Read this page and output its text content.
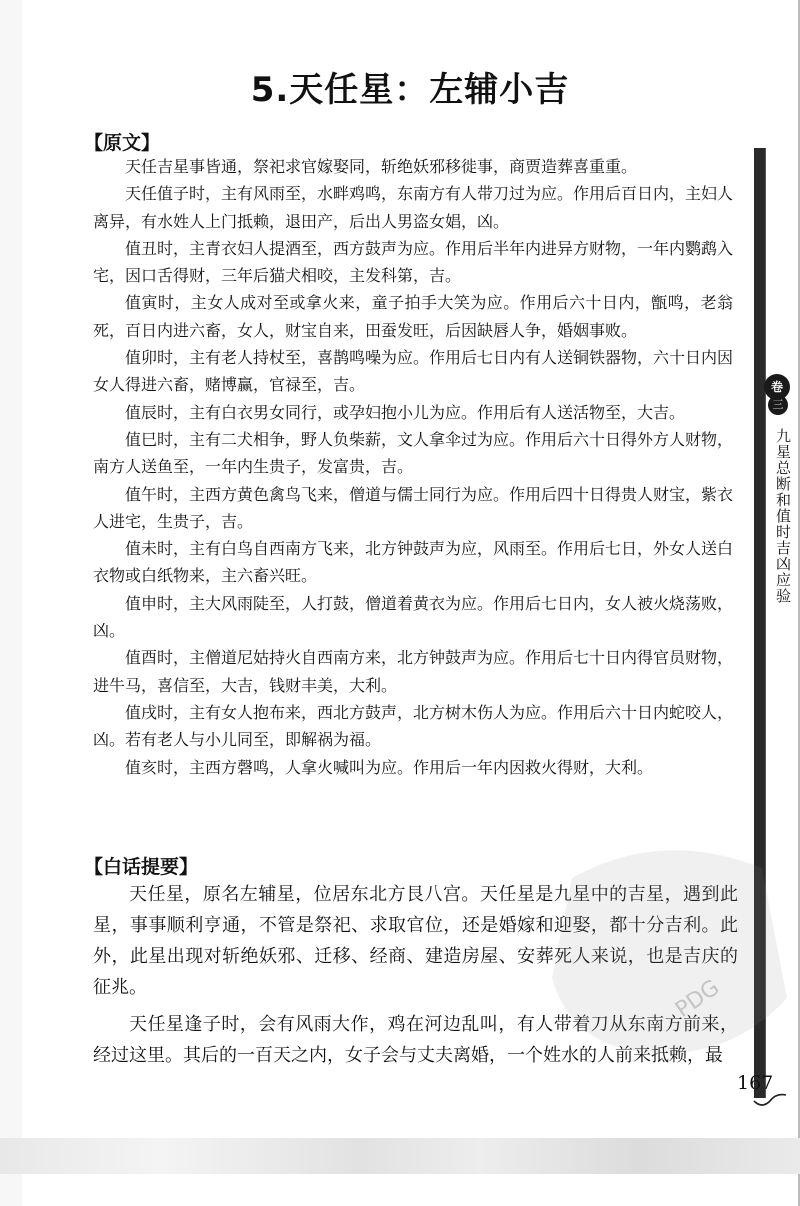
5.天任星：左辅小吉
【原文】

天任吉星事皆通，祭祀求官嫁娶同，斩绝妖邪移徙事，商贾造葬喜重重。

天任值子时，主有风雨至，水畔鸡鸣，东南方有人带刀过为应。作用后百日内，主妇人离异，有水姓人上门抵赖，退田产，后出人男盗女娼，凶。

值丑时，主青衣妇人提酒至，西方鼓声为应。作用后半年内进异方财物，一年内鹦鹉入宅，因口舌得财，三年后猫犬相咬，主发科第，吉。

值寅时，主女人成对至或拿火来，童子拍手大笑为应。作用后六十日内，甑鸣，老翁死，百日内进六畜，女人，财宝自来，田蚕发旺，后因缺唇人争，婚姻事败。

值卯时，主有老人持杖至，喜鹊鸣噪为应。作用后七日内有人送铜铁器物，六十日内因女人得进六畜，赌博赢，官禄至，吉。

值辰时，主有白衣男女同行，或孕妇抱小儿为应。作用后有人送活物至，大吉。

值巳时，主有二犬相争，野人负柴薪，文人拿伞过为应。作用后六十日得外方人财物，南方人送鱼至，一年内生贵子，发富贵，吉。

值午时，主西方黄色禽鸟飞来，僧道与儒士同行为应。作用后四十日得贵人财宝，紫衣人进宅，生贵子，吉。

值未时，主有白鸟自西南方飞来，北方钟鼓声为应，风雨至。作用后七日，外女人送白衣物或白纸物来，主六畜兴旺。

值申时，主大风雨陡至，人打鼓，僧道着黄衣为应。作用后七日内，女人被火烧荡败，凶。

值酉时，主僧道尼姑持火自西南方来，北方钟鼓声为应。作用后七十日内得官员财物，进牛马，喜信至，大吉，钱财丰美，大利。

值戌时，主有女人抱布来，西北方鼓声，北方树木伤人为应。作用后六十日内蛇咬人，凶。若有老人与小儿同至，即解祸为福。

值亥时，主西方磬鸣，人拿火喊叫为应。作用后一年内因救火得财，大利。

【白话提要】

天任星，原名左辅星，位居东北方艮八宫。天任星是九星中的吉星，遇到此星，事事顺利亨通，不管是祭祀、求取官位，还是婚嫁和迎娶，都十分吉利。此外，此星出现对斩绝妖邪、迁移、经商、建造房屋、安葬死人来说，也是吉庆的征兆。

天任星逢子时，会有风雨大作，鸡在河边乱叫，有人带着刀从东南方前来，经过这里。其后的一百天之内，女子会与丈夫离婚，一个姓水的人前来抵赖，最

卷
三
九星总断和值时吉凶应验
PDG
167
